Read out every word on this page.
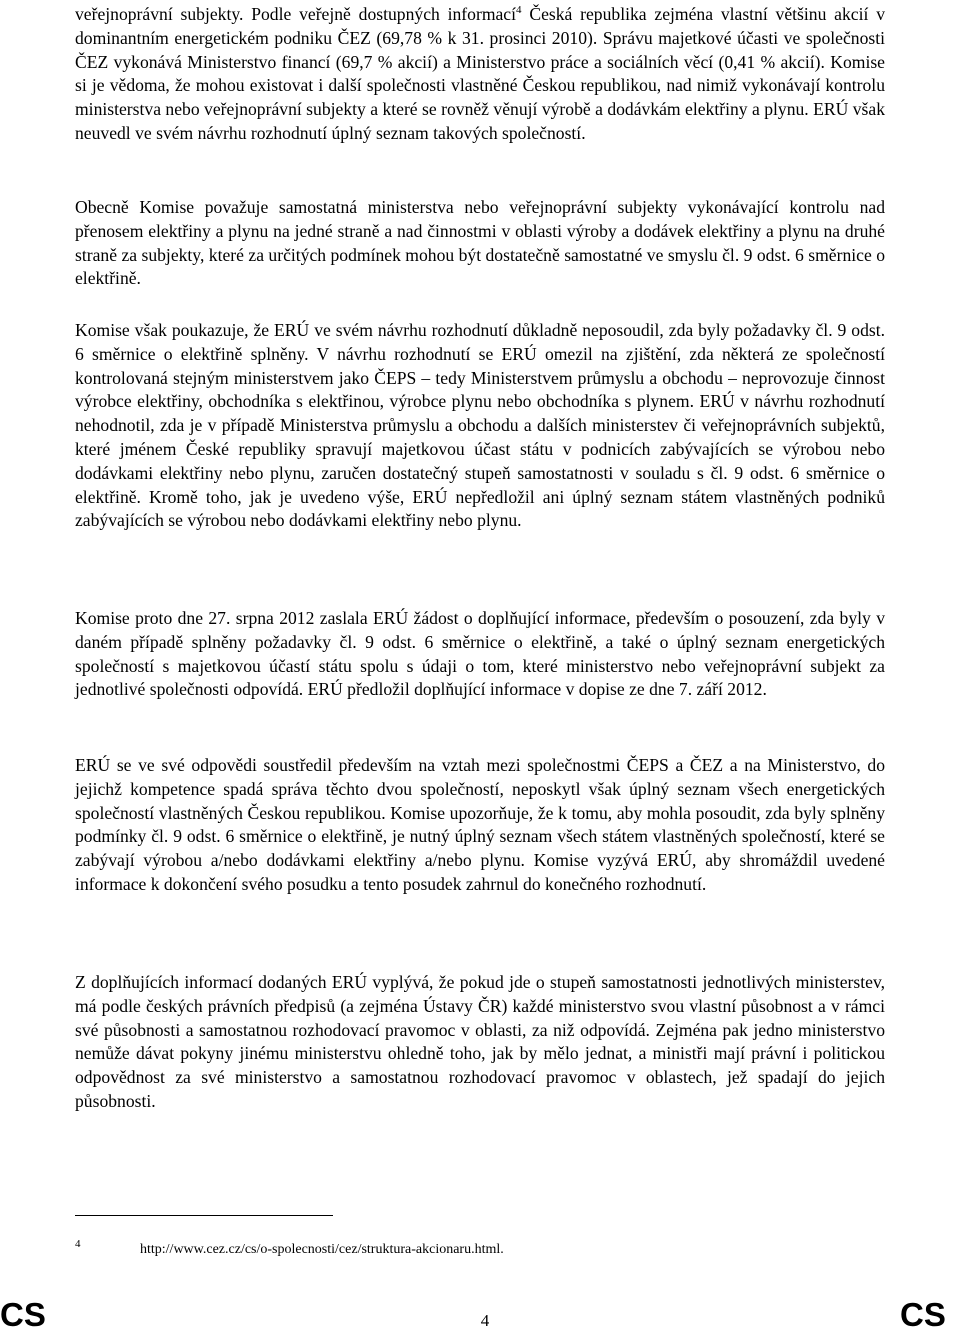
veřejnoprávní subjekty. Podle veřejně dostupných informací$^4$ Česká republika zejména vlastní většinu akcií v dominantním energetickém podniku ČEZ (69,78 % k 31. prosinci 2010). Správu majetkové účasti ve společnosti ČEZ vykonává Ministerstvo financí (69,7 % akcií) a Ministerstvo práce a sociálních věcí (0,41 % akcií). Komise si je vědoma, že mohou existovat i další společnosti vlastněné Českou republikou, nad nimiž vykonávají kontrolu ministerstva nebo veřejnoprávní subjekty a které se rovněž věnují výrobě a dodávkám elektřiny a plynu. ERÚ však neuvedl ve svém návrhu rozhodnutí úplný seznam takových společností.

Obecně Komise považuje samostatná ministerstva nebo veřejnoprávní subjekty vykonávající kontrolu nad přenosem elektřiny a plynu na jedné straně a nad činnostmi v oblasti výroby a dodávek elektřiny a plynu na druhé straně za subjekty, které za určitých podmínek mohou být dostatečně samostatné ve smyslu čl. 9 odst. 6 směrnice o elektřině.

Komise však poukazuje, že ERÚ ve svém návrhu rozhodnutí důkladně neposoudil, zda byly požadavky čl. 9 odst. 6 směrnice o elektřině splněny. V návrhu rozhodnutí se ERÚ omezil na zjištění, zda některá ze společností kontrolovaná stejným ministerstvem jako ČEPS – tedy Ministerstvem průmyslu a obchodu – neprovozuje činnost výrobce elektřiny, obchodníka s elektřinou, výrobce plynu nebo obchodníka s plynem. ERÚ v návrhu rozhodnutí nehodnotil, zda je v případě Ministerstva průmyslu a obchodu a dalších ministerstev či veřejnoprávních subjektů, které jménem České republiky spravují majetkovou účast státu v podnicích zabývajících se výrobou nebo dodávkami elektřiny nebo plynu, zaručen dostatečný stupeň samostatnosti v souladu s čl. 9 odst. 6 směrnice o elektřině. Kromě toho, jak je uvedeno výše, ERÚ nepředložil ani úplný seznam státem vlastněných podniků zabývajících se výrobou nebo dodávkami elektřiny nebo plynu.

Komise proto dne 27. srpna 2012 zaslala ERÚ žádost o doplňující informace, především o posouzení, zda byly v daném případě splněny požadavky čl. 9 odst. 6 směrnice o elektřině, a také o úplný seznam energetických společností s majetkovou účastí státu spolu s údaji o tom, které ministerstvo nebo veřejnoprávní subjekt za jednotlivé společnosti odpovídá. ERÚ předložil doplňující informace v dopise ze dne 7. září 2012.

ERÚ se ve své odpovědi soustředil především na vztah mezi společnostmi ČEPS a ČEZ a na Ministerstvo, do jejichž kompetence spadá správa těchto dvou společností, neposkytl však úplný seznam všech energetických společností vlastněných Českou republikou. Komise upozorňuje, že k tomu, aby mohla posoudit, zda byly splněny podmínky čl. 9 odst. 6 směrnice o elektřině, je nutný úplný seznam všech státem vlastněných společností, které se zabývají výrobou a/nebo dodávkami elektřiny a/nebo plynu. Komise vyzývá ERÚ, aby shromáždil uvedené informace k dokončení svého posudku a tento posudek zahrnul do konečného rozhodnutí.

Z doplňujících informací dodaných ERÚ vyplývá, že pokud jde o stupeň samostatnosti jednotlivých ministerstev, má podle českých právních předpisů (a zejména Ústavy ČR) každé ministerstvo svou vlastní působnost a v rámci své působnosti a samostatnou rozhodovací pravomoc v oblasti, za niž odpovídá. Zejména pak jedno ministerstvo nemůže dávat pokyny jinému ministerstvu ohledně toho, jak by mělo jednat, a ministři mají právní i politickou odpovědnost za své ministerstvo a samostatnou rozhodovací pravomoc v oblastech, jež spadají do jejich působnosti.

4	http://www.cez.cz/cs/o-spolecnosti/cez/struktura-akcionaru.html.
CS	4	CS
